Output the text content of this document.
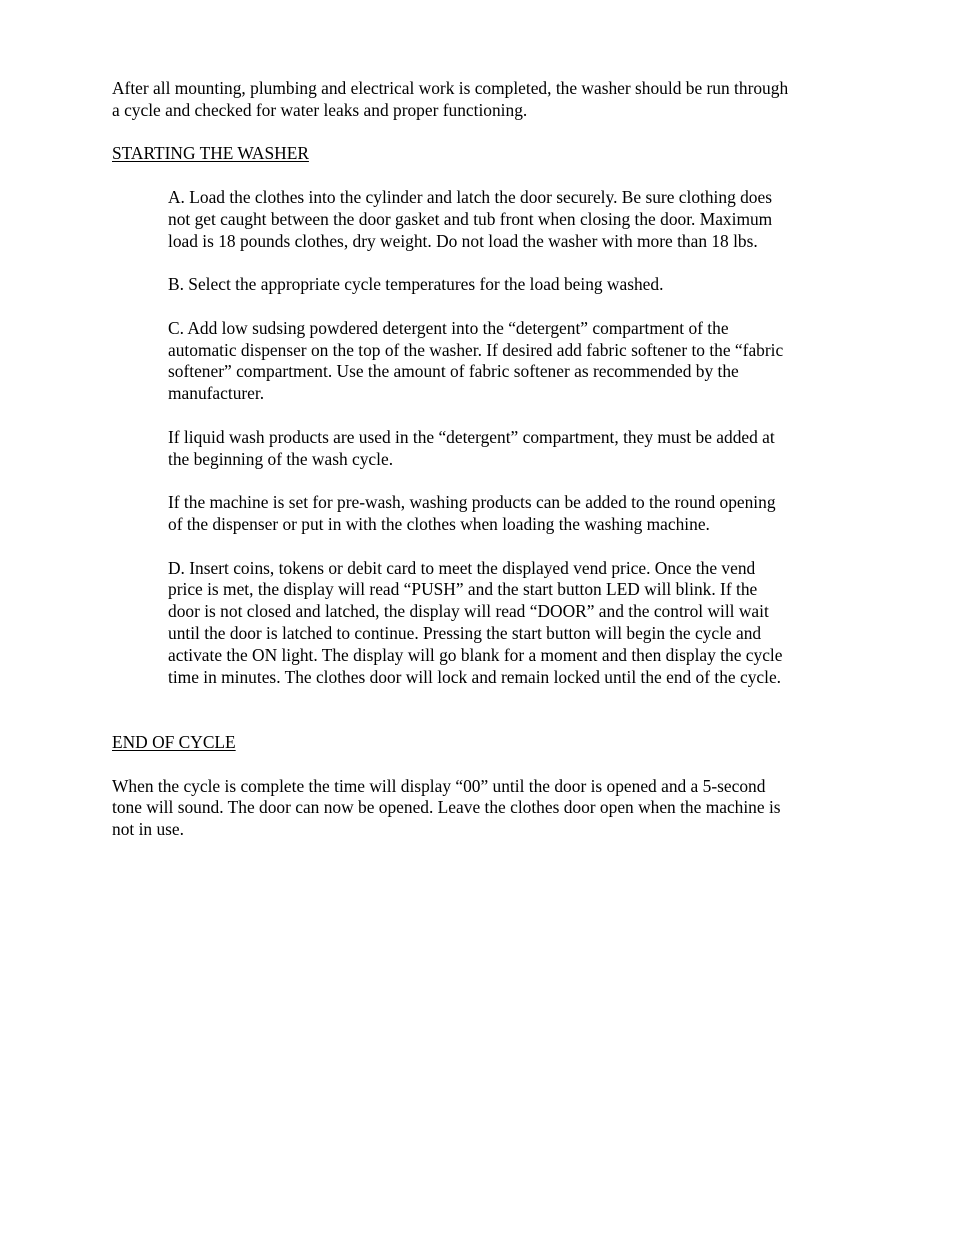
After all mounting, plumbing and electrical work is completed, the washer should be run through
a cycle and checked for water leaks and proper functioning.

STARTING THE WASHER

A. Load the clothes into the cylinder and latch the door securely. Be sure clothing does
not get caught between the door gasket and tub front when closing the door. Maximum
load is 18 pounds clothes, dry weight. Do not load the washer with more than 18 lbs.

B. Select the appropriate cycle temperatures for the load being washed.

C. Add low sudsing powdered detergent into the “detergent” compartment of the
automatic dispenser on the top of the washer. If desired add fabric softener to the “fabric
softener” compartment. Use the amount of fabric softener as recommended by the
manufacturer.

If liquid wash products are used in the “detergent” compartment, they must be added at
the beginning of the wash cycle.

If the machine is set for pre-wash, washing products can be added to the round opening
of the dispenser or put in with the clothes when loading the washing machine.

D. Insert coins, tokens or debit card to meet the displayed vend price. Once the vend
price is met, the display will read “PUSH” and the start button LED will blink. If the
door is not closed and latched, the display will read “DOOR” and the control will wait
until the door is latched to continue. Pressing the start button will begin the cycle and
activate the ON light. The display will go blank for a moment and then display the cycle
time in minutes. The clothes door will lock and remain locked until the end of the cycle.

END OF CYCLE

When the cycle is complete the time will display “00” until the door is opened and a 5-second
tone will sound. The door can now be opened. Leave the clothes door open when the machine is
not in use.
